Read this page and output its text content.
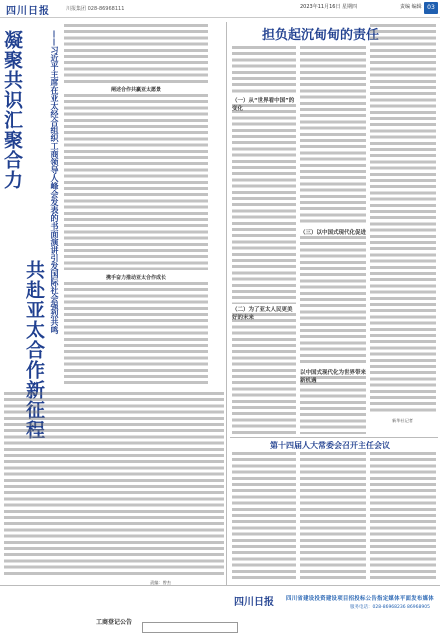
四川日报	川报集团 028-86968111	2023年11月16日 星期四	责编 编辑 03
凝聚共识汇聚合力
共赴亚太合作新征程
——习近平主席在亚太经合组织工商领导人峰会发表的书面演讲引发国际社会强烈共鸣	阐述合作共赢亚太愿景
携手奋力推动亚太合作成长
责编：曾杰
担负起沉甸甸的责任
（一）从“世界看中国”的变化
（二）为了亚太人民更美好的未来
（三）以中国式现代化促进
以中国式现代化为世界带来新机遇
新华社记者
第十四届人大常委会召开主任会议
四川日报 四川省建设投资建设项目招投标公告指定媒体平面发布媒体
服务电话：028-86968236 86968905
工商登记公告
